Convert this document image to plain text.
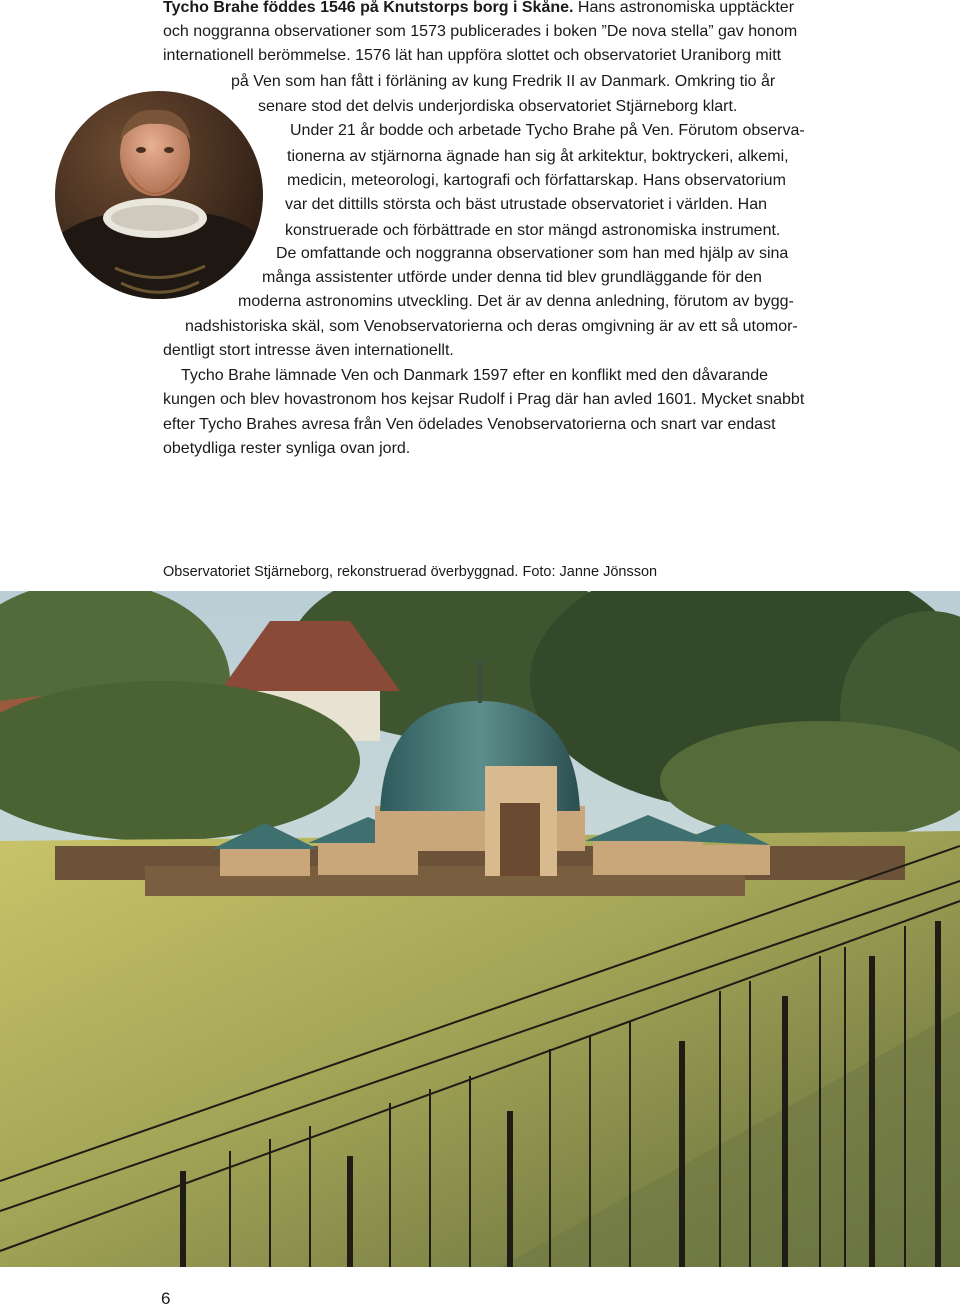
Tycho Brahe föddes 1546 på Knutstorps borg i Skåne. Hans astronomiska upptäckter
och noggranna observationer som 1573 publicerades i boken ”De nova stella” gav honom
internationell berömmelse. 1576 lät han uppföra slottet och observatoriet Uraniborg mitt
på Ven som han fått i förläning av kung Fredrik II av Danmark. Omkring tio år
senare stod det delvis underjordiska observatoriet Stjärneborg klart.
Under 21 år bodde och arbetade Tycho Brahe på Ven. Förutom observa-
tionerna av stjärnorna ägnade han sig åt arkitektur, boktryckeri, alkemi,
medicin, meteorologi, kartografi och författarskap. Hans observatorium
var det dittills största och bäst utrustade observatoriet i världen. Han
konstruerade och förbättrade en stor mängd astronomiska instrument.
De omfattande och noggranna observationer som han med hjälp av sina
många assistenter utförde under denna tid blev grundläggande för den
moderna astronomins utveckling. Det är av denna anledning, förutom av bygg-
nadshistoriska skäl, som Venobservatorierna och deras omgivning är av ett så utomor-
dentligt stort intresse även internationellt.
Tycho Brahe lämnade Ven och Danmark 1597 efter en konflikt med den dåvarande
kungen och blev hovastronom hos kejsar Rudolf i Prag där han avled 1601. Mycket snabbt
efter Tycho Brahes avresa från Ven ödelades Venobservatorierna och snart var endast
obetydliga rester synliga ovan jord.
Observatoriet Stjärneborg, rekonstruerad överbyggnad. Foto: Janne Jönsson
6
